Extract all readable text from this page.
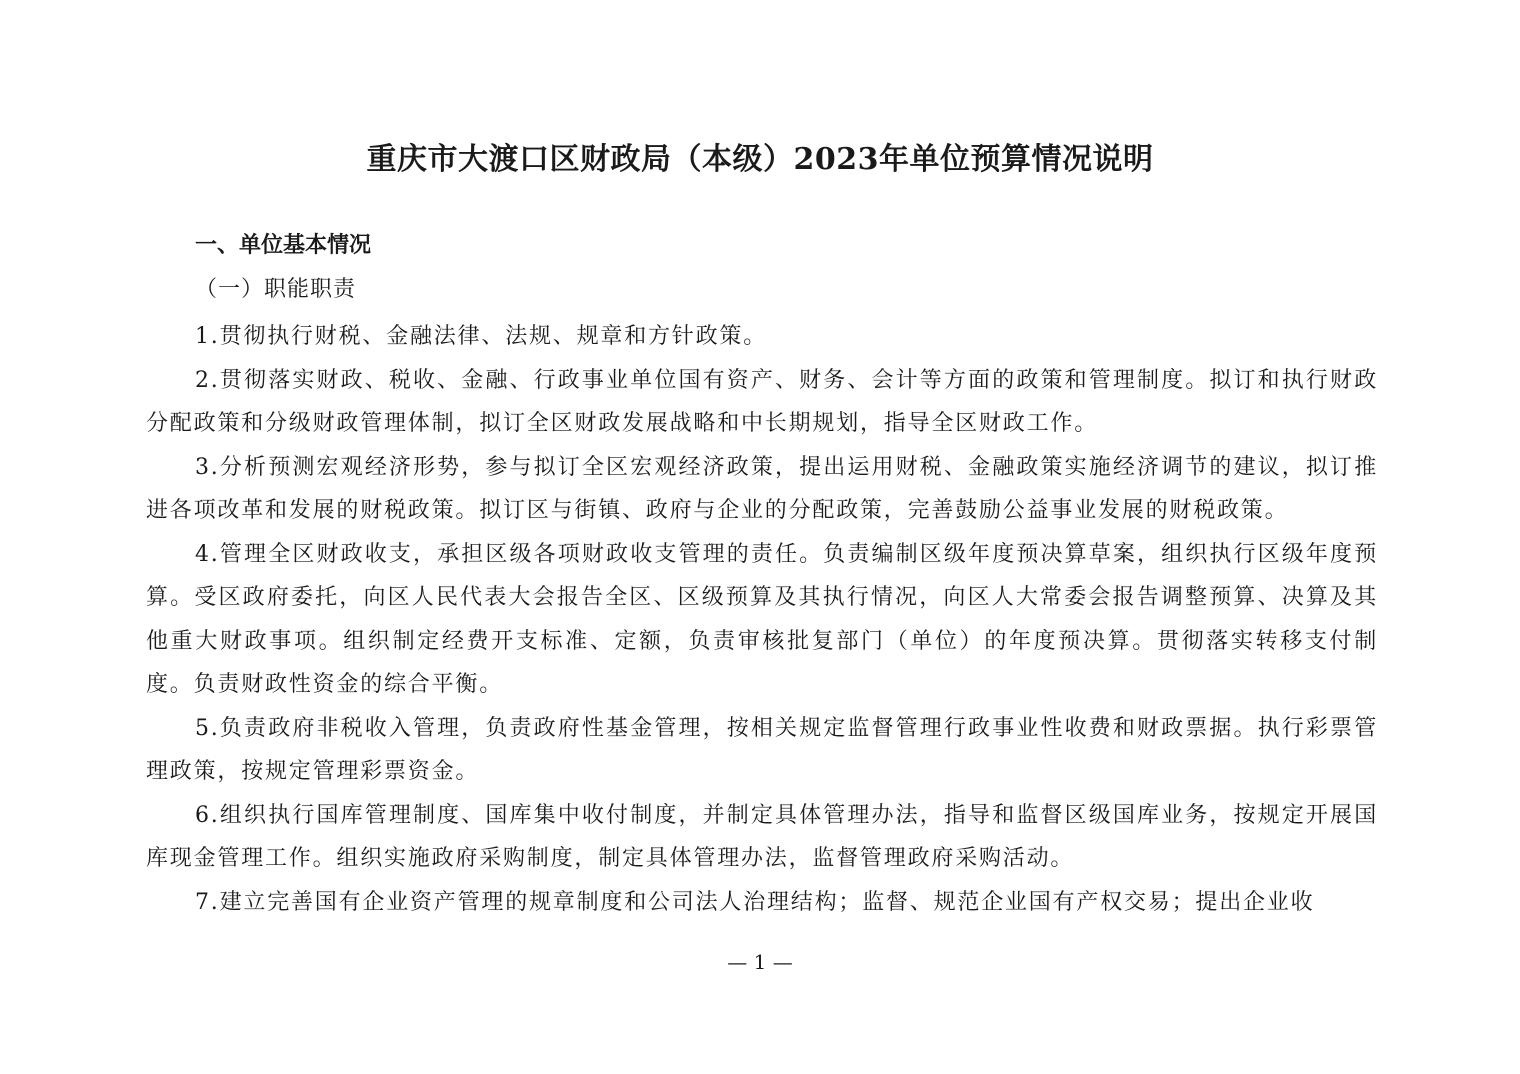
重庆市大渡口区财政局（本级）2023年单位预算情况说明
一、单位基本情况
（一）职能职责

1.贯彻执行财税、金融法律、法规、规章和方针政策。

2.贯彻落实财政、税收、金融、行政事业单位国有资产、财务、会计等方面的政策和管理制度。拟订和执行财政分配政策和分级财政管理体制，拟订全区财政发展战略和中长期规划，指导全区财政工作。

3.分析预测宏观经济形势，参与拟订全区宏观经济政策，提出运用财税、金融政策实施经济调节的建议，拟订推进各项改革和发展的财税政策。拟订区与街镇、政府与企业的分配政策，完善鼓励公益事业发展的财税政策。

4.管理全区财政收支，承担区级各项财政收支管理的责任。负责编制区级年度预决算草案，组织执行区级年度预算。受区政府委托，向区人民代表大会报告全区、区级预算及其执行情况，向区人大常委会报告调整预算、决算及其他重大财政事项。组织制定经费开支标准、定额，负责审核批复部门（单位）的年度预决算。贯彻落实转移支付制度。负责财政性资金的综合平衡。

5.负责政府非税收入管理，负责政府性基金管理，按相关规定监督管理行政事业性收费和财政票据。执行彩票管理政策，按规定管理彩票资金。

6.组织执行国库管理制度、国库集中收付制度，并制定具体管理办法，指导和监督区级国库业务，按规定开展国库现金管理工作。组织实施政府采购制度，制定具体管理办法，监督管理政府采购活动。

7.建立完善国有企业资产管理的规章制度和公司法人治理结构；监督、规范企业国有产权交易；提出企业收

— 1 —
